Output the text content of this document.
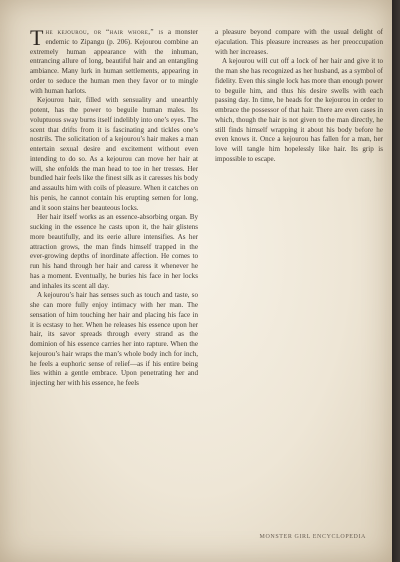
The kejourou, or “hair whore,” is a monster endemic to Zipangu (p. 206). Kejourou combine an extremely human appearance with the inhuman, entrancing allure of long, beautiful hair and an entangling ambiance. Many lurk in human settlements, appearing in order to seduce the human men they favor or to mingle with human harlots.

Kejourou hair, filled with sensuality and unearthly potent, has the power to beguile human males. Its voluptuous sway burns itself indelibly into one’s eyes. The scent that drifts from it is fascinating and tickles one’s nostrils. The solicitation of a kejourou’s hair makes a man entertain sexual desire and excitement without even intending to do so. As a kejourou can move her hair at will, she enfolds the man head to toe in her tresses. Her bundled hair feels like the finest silk as it caresses his body and assaults him with coils of pleasure. When it catches on his penis, he cannot contain his erupting semen for long, and it soon stains her beauteous locks.

Her hair itself works as an essence-absorbing organ. By sucking in the essence he casts upon it, the hair glistens more beautifully, and its eerie allure intensifies. As her attraction grows, the man finds himself trapped in the ever-growing depths of inordinate affection. He comes to run his hand through her hair and caress it whenever he has a moment. Eventually, he buries his face in her locks and inhales its scent all day.

A kejourou’s hair has senses such as touch and taste, so she can more fully enjoy intimacy with her man. The sensation of him touching her hair and placing his face in it is ecstasy to her. When he releases his essence upon her hair, its savor spreads through every strand as the dominion of his essence carries her into rapture. When the kejourou’s hair wraps the man’s whole body inch for inch, he feels a euphoric sense of relief—as if his entire being lies within a gentle embrace. Upon penetrating her and injecting her with his essence, he feels

a pleasure beyond compare with the usual delight of ejaculation. This pleasure increases as her preoccupation with her increases.

A kejourou will cut off a lock of her hair and give it to the man she has recognized as her husband, as a symbol of fidelity. Even this single lock has more than enough power to beguile him, and thus his desire swells with each passing day. In time, he heads for the kejourou in order to embrace the possessor of that hair. There are even cases in which, though the hair is not given to the man directly, he still finds himself wrapping it about his body before he even knows it. Once a kejourou has fallen for a man, her love will tangle him hopelessly like hair. Its grip is impossible to escape.

MONSTER GIRL ENCYCLOPEDIA
